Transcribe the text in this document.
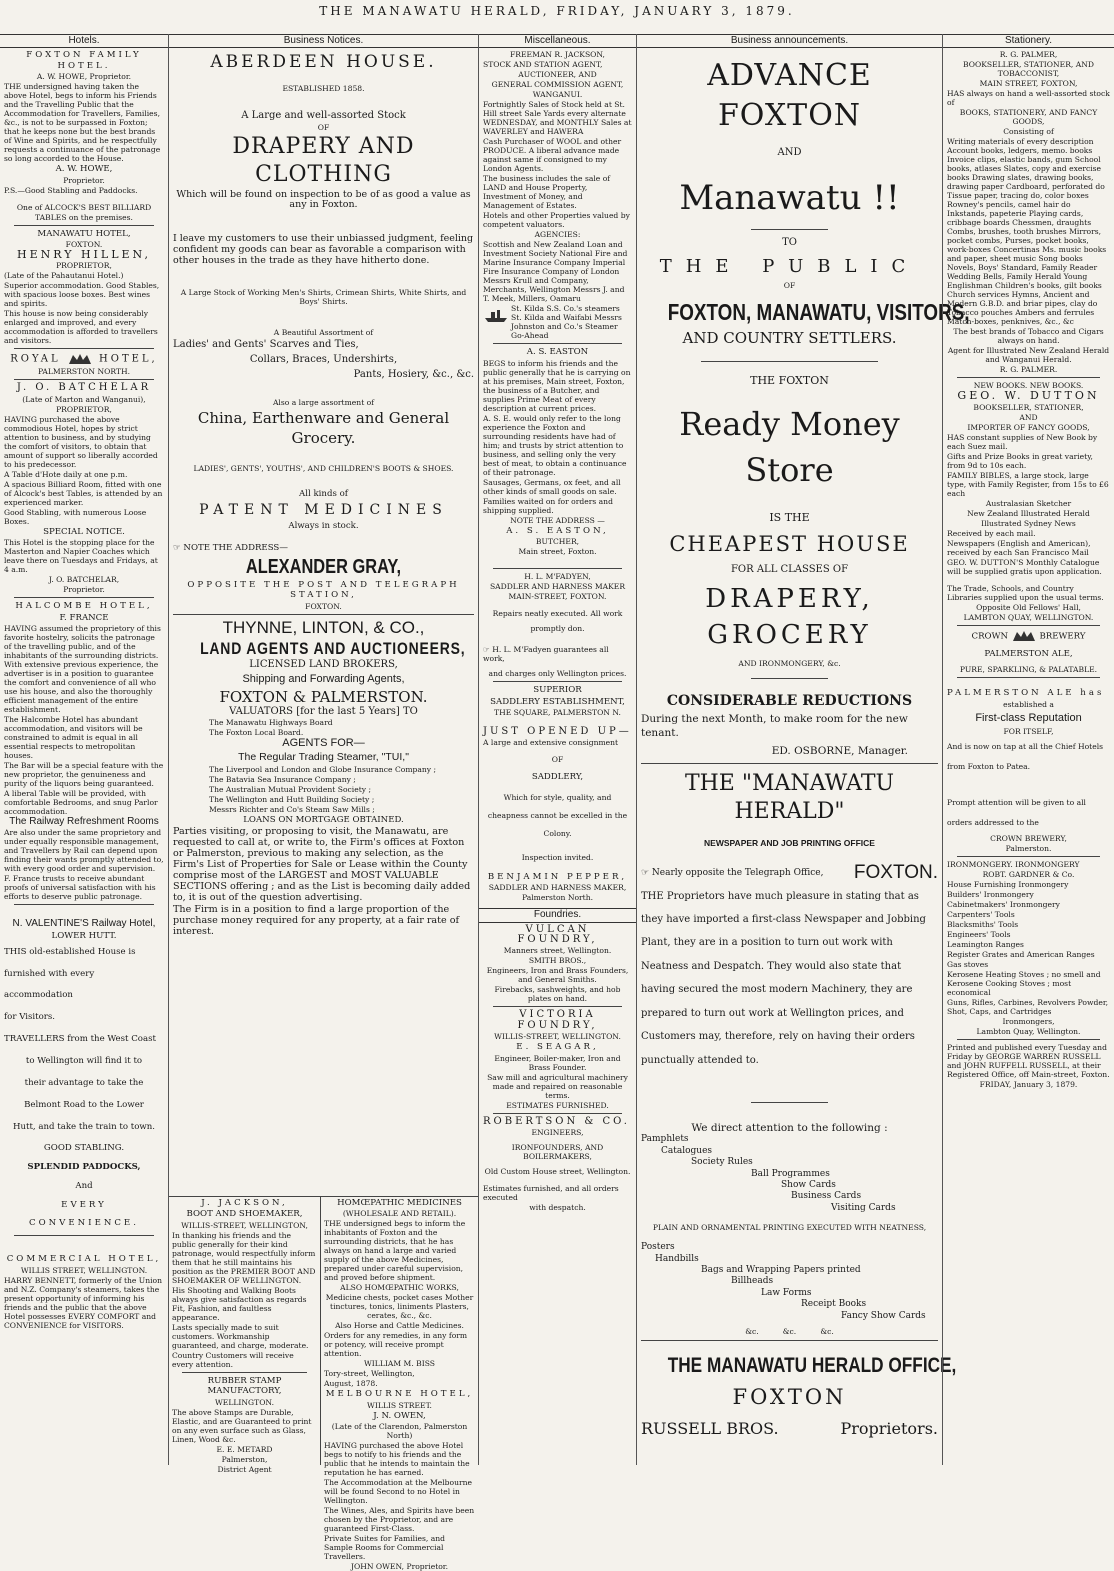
THE MANAWATU HERALD, FRIDAY, JANUARY 3, 1879.
Hotels.

FOXTON FAMILY HOTEL.

A. W. HOWE, Proprietor.

THE undersigned having taken the above Hotel, begs to inform his Friends and the Travelling Public that the Accommodation for Travellers, Families, &c., is not to be surpassed in Foxton; that he keeps none but the best brands of Wine and Spirits, and he respectfully requests a continuance of the patronage so long accorded to the House.

A. W. HOWE,

Proprietor.

P.S.—Good Stabling and Paddocks.

One of ALCOCK'S BEST BILLIARD

TABLES on the premises.

MANAWATU HOTEL,

FOXTON.

HENRY HILLEN,

PROPRIETOR,

(Late of the Pahautanui Hotel.)

Superior accommodation. Good Stables, with spacious loose boxes. Best wines and spirits.

This house is now being considerably enlarged and improved, and every accommodation is afforded to travellers and visitors.

ROYAL	HOTEL,

PALMERSTON NORTH.

J. O. BATCHELAR

(Late of Marton and Wanganui),

PROPRIETOR,

HAVING purchased the above commodious Hotel, hopes by strict attention to business, and by studying the comfort of visitors, to obtain that amount of support so liberally accorded to his predecessor.

A Table d'Hote daily at one p.m.

A spacious Billiard Room, fitted with one of Alcock's best Tables, is attended by an experienced marker.

Good Stabling, with numerous Loose Boxes.

SPECIAL NOTICE.

This Hotel is the stopping place for the Masterton and Napier Coaches which leave there on Tuesdays and Fridays, at 4 a.m.

J. O. BATCHELAR,

Proprietor.

HALCOMBE HOTEL,

F. FRANCE

HAVING assumed the proprietory of this favorite hostelry, solicits the patronage of the travelling public, and of the inhabitants of the surrounding districts. With extensive previous experience, the advertiser is in a position to guarantee the comfort and convenience of all who use his house, and also the thoroughly efficient management of the entire establishment.

The Halcombe Hotel has abundant accommodation, and visitors will be constrained to admit is equal in all essential respects to metropolitan houses.

The Bar will be a special feature with the new proprietor, the genuineness and purity of the liquors being guaranteed.

A liberal Table will be provided, with comfortable Bedrooms, and snug Parlor accommodation.

The Railway Refreshment Rooms

Are also under the same proprietory and under equally responsible management, and Travellers by Rail can depend upon finding their wants promptly attended to, with every good order and supervision.

F. France trusts to receive abundant proofs of universal satisfaction with his efforts to deserve public patronage.

N. VALENTINE'S Railway Hotel,

LOWER HUTT.

THIS old-established House is

furnished with every accommodation

for Visitors.

TRAVELLERS from the West Coast

to Wellington will find it to

their advantage to take the

Belmont Road to the Lower

Hutt, and take the train to town.

GOOD STABLING.

SPLENDID PADDOCKS,

And

EVERY CONVENIENCE.

COMMERCIAL HOTEL,

WILLIS STREET, WELLINGTON.

HARRY BENNETT, formerly of the Union and N.Z. Company's steamers, takes the present opportunity of informing his friends and the public that the above Hotel possesses EVERY COMFORT and CONVENIENCE for VISITORS.

Business Notices.

ABERDEEN HOUSE.

ESTABLISHED 1858.

A Large and well-assorted Stock

OF

DRAPERY AND CLOTHING

Which will be found on inspection to be of as good a value as any in Foxton.

I leave my customers to use their unbiassed judgment, feeling confident my goods can bear as favorable a comparison with other houses in the trade as they have hitherto done.

A Large Stock of Working Men's Shirts, Crimean Shirts, White Shirts, and Boys' Shirts.

A Beautiful Assortment of

Ladies' and Gents' Scarves and Ties,

Collars, Braces, Undershirts,

Pants, Hosiery, &c., &c.

Also a large assortment of

China, Earthenware and General Grocery.

LADIES', GENTS', YOUTHS', AND CHILDREN'S BOOTS & SHOES.

All kinds of

PATENT MEDICINES

Always in stock.

☞ NOTE THE ADDRESS—

ALEXANDER GRAY,

OPPOSITE THE POST AND TELEGRAPH STATION,

FOXTON.

THYNNE, LINTON, & CO.,

LAND AGENTS AND AUCTIONEERS,

LICENSED LAND BROKERS,

Shipping and Forwarding Agents,

FOXTON & PALMERSTON.

VALUATORS [for the last 5 Years] TO

The Manawatu Highways Board

The Foxton Local Board.

AGENTS FOR—

The Regular Trading Steamer, "TUI,"

The Liverpool and London and Globe Insurance Company ;

The Batavia Sea Insurance Company ;

The Australian Mutual Provident Society ;

The Wellington and Hutt Building Society ;

Messrs Richter and Co's Steam Saw Mills ;

LOANS ON MORTGAGE OBTAINED.

Parties visiting, or proposing to visit, the Manawatu, are requested to call at, or write to, the Firm's offices at Foxton or Palmerston, previous to making any selection, as the Firm's List of Properties for Sale or Lease within the County comprise most of the LARGEST and MOST VALUABLE SECTIONS offering ; and as the List is becoming daily added to, it is out of the question advertising.

The Firm is in a position to find a large proportion of the purchase money required for any property, at a fair rate of interest.

J. JACKSON,

BOOT AND SHOEMAKER,

WILLIS-STREET, WELLINGTON,

In thanking his friends and the public generally for their kind patronage, would respectfully inform them that he still maintains his position as the PREMIER BOOT AND SHOEMAKER OF WELLINGTON.

His Shooting and Walking Boots always give satisfaction as regards Fit, Fashion, and faultless appearance.

Lasts specially made to suit customers. Workmanship guaranteed, and charge, moderate.

Country Customers will receive every attention.

RUBBER STAMP MANUFACTORY,

WELLINGTON.

The above Stamps are Durable, Elastic, and are Guaranteed to print on any even surface such as Glass, Linen, Wood &c.

E. E. METARD

Palmerston,

District Agent

HOMŒPATHIC MEDICINES

(WHOLESALE AND RETAIL).

THE undersigned begs to inform the inhabitants of Foxton and the surrounding districts, that he has always on hand a large and varied supply of the above Medicines, prepared under careful supervision, and proved before shipment.

ALSO HOMŒPATHIC WORKS,

Medicine chests, pocket cases Mother tinctures, tonics, liniments Plasters, cerates, &c., &c.

Also Horse and Cattle Medicines.

Orders for any remedies, in any form or potency, will receive prompt attention.

WILLIAM M. BISS

Tory-street, Wellington,

August, 1878.

MELBOURNE HOTEL,

WILLIS STREET.

J. N. OWEN,

(Late of the Clarendon, Palmerston North)

HAVING purchased the above Hotel begs to notify to his friends and the public that he intends to maintain the reputation he has earned.

The Accommodation at the Melbourne will be found Second to no Hotel in Wellington.

The Wines, Ales, and Spirits have been chosen by the Proprietor, and are guaranteed First-Class.

Private Suites for Families, and Sample Rooms for Commercial Travellers.

JOHN OWEN, Proprietor.

Miscellaneous.

FREEMAN R. JACKSON,

STOCK AND STATION AGENT,

AUCTIONEER, AND

GENERAL COMMISSION AGENT,

WANGANUI.

Fortnightly Sales of Stock held at St. Hill street Sale Yards every alternate WEDNESDAY, and MONTHLY Sales at WAVERLEY and HAWERA

Cash Purchaser of WOOL and other PRODUCE. A liberal advance made against same if consigned to my London Agents.

The business includes the sale of LAND and House Property, Investment of Money, and Management of Estates.

Hotels and other Properties valued by competent valuators.

AGENCIES:

Scottish and New Zealand Loan and Investment Society National Fire and Marine Insurance Company Imperial Fire Insurance Company of London Messrs Krull and Company, Merchants, Wellington Messrs J. and T. Meek, Millers, Oamaru

St. Kilda S.S. Co.'s steamers St. Kilda and Waifabi Messrs Johnston and Co.'s Steamer Go-Ahead

A. S. EASTON

BEGS to inform his friends and the public generally that he is carrying on at his premises, Main street, Foxton, the business of a Butcher, and supplies Prime Meat of every description at current prices.

A. S. E. would only refer to the long experience the Foxton and surrounding residents have had of him; and trusts by strict attention to business, and selling only the very best of meat, to obtain a continuance of their patronage.

Sausages, Germans, ox feet, and all other kinds of small goods on sale.

Families waited on for orders and shipping supplied.

NOTE THE ADDRESS —

A. S. EASTON,

BUTCHER,

Main street, Foxton.

H. L. M'FADYEN,

SADDLER AND HARNESS MAKER

MAIN-STREET, FOXTON.

Repairs neatly executed. All work

promptly don.

☞ H. L. M'Fadyen guarantees all work,

and charges only Wellington prices.

SUPERIOR

SADDLERY ESTABLISHMENT,

THE SQUARE, PALMERSTON N.

JUST OPENED UP—

A large and extensive consignment

OF

SADDLERY,

Which for style, quality, and cheapness cannot be excelled in the Colony.

Inspection invited.

BENJAMIN PEPPER,

SADDLER AND HARNESS MAKER,

Palmerston North.

Foundries.

VULCAN FOUNDRY,

Manners street, Wellington.

SMITH BROS.,

Engineers, Iron and Brass Founders, and General Smiths.

Firebacks, sashweights, and hob plates on hand.

VICTORIA FOUNDRY,

WILLIS-STREET, WELLINGTON.

E. SEAGAR,

Engineer, Boiler-maker, Iron and Brass Founder.

Saw mill and agricultural machinery made and repaired on reasonable terms.

ESTIMATES FURNISHED.

ROBERTSON & CO.

ENGINEERS,

IRONFOUNDERS, AND BOILERMAKERS,

Old Custom House street, Wellington.

Estimates furnished, and all orders executed

with despatch.

Business announcements.

ADVANCE FOXTON

AND

Manawatu !!

TO

THE PUBLIC

OF

FOXTON, MANAWATU, VISITORS,

AND COUNTRY SETTLERS.

THE FOXTON

Ready Money Store

IS THE

CHEAPEST HOUSE

FOR ALL CLASSES OF

DRAPERY, GROCERY

AND IRONMONGERY, &c.

CONSIDERABLE REDUCTIONS

During the next Month, to make room for the new tenant.

ED. OSBORNE, Manager.

THE "MANAWATU HERALD"

NEWSPAPER AND JOB PRINTING OFFICE

☞ Nearly opposite the Telegraph Office, FOXTON.

THE Proprietors have much pleasure in stating that as they have imported a first-class Newspaper and Jobbing Plant, they are in a position to turn out work with Neatness and Despatch. They would also state that having secured the most modern Machinery, they are prepared to turn out work at Wellington prices, and Customers may, therefore, rely on having their orders punctually attended to.

We direct attention to the following :

Pamphlets

Catalogues

Society Rules

Ball Programmes

Show Cards

Business Cards

Visiting Cards

PLAIN AND ORNAMENTAL PRINTING EXECUTED WITH NEATNESS,

Posters

Handbills

Bags and Wrapping Papers printed

Billheads

Law Forms

Receipt Books

Fancy Show Cards

&c.          &c.          &c.

THE MANAWATU HERALD OFFICE,

FOXTON

RUSSELL BROS.	Proprietors.

Stationery.

R. G. PALMER,

BOOKSELLER, STATIONER, AND TOBACCONIST,

MAIN STREET, FOXTON,

HAS always on hand a well-assorted stock of

BOOKS, STATIONERY, AND FANCY GOODS,

Consisting of

Writing materials of every description Account books, ledgers, memo. books Invoice clips, elastic bands, gum School books, atlases Slates, copy and exercise books Drawing slates, drawing books, drawing paper Cardboard, perforated do Tissue paper, tracing do, color boxes Rowney's pencils, camel hair do Inkstands, papeterie Playing cards, cribbage boards Chessmen, draughts Combs, brushes, tooth brushes Mirrors, pocket combs, Purses, pocket books, work-boxes Concertinas Ms. music books and paper, sheet music Song books Novels, Boys' Standard, Family Reader Wedding Bells, Family Herald Young Englishman Children's books, gilt books Church services Hymns, Ancient and Modern G.B.D. and briar pipes, clay do Tobacco pouches Ambers and ferrules Match-boxes, penknives, &c., &c

The best brands of Tobacco and Cigars always on hand.

Agent for Illustrated New Zealand Herald and Wanganui Herald.

R. G. PALMER.

NEW BOOKS. NEW BOOKS.

GEO. W. DUTTON

BOOKSELLER, STATIONER,

AND

IMPORTER OF FANCY GOODS,

HAS constant supplies of New Book by each Suez mail.

Gifts and Prize Books in great variety, from 9d to 10s each.

FAMILY BIBLES, a large stock, large type, with Family Register, from 15s to £6 each

Australasian Sketcher

New Zealand Illustrated Herald

Illustrated Sydney News

Received by each mail.

Newspapers (English and American), received by each San Francisco Mail

GEO. W. DUTTON'S Monthly Catalogue will be supplied gratis upon application.

The Trade, Schools, and Country Libraries supplied upon the usual terms.

Opposite Old Fellows' Hall,

LAMBTON QUAY, WELLINGTON.

CROWN	BREWERY

PALMERSTON ALE,

PURE, SPARKLING, & PALATABLE.

PALMERSTON ALE has

established a

First-class Reputation

FOR ITSELF,

And is now on tap at all the Chief Hotels from Foxton to Patea.

Prompt attention will be given to all orders addressed to the

CROWN BREWERY,

Palmerston.

IRONMONGERY. IRONMONGERY

ROBT. GARDNER & Co.

House Furnishing Ironmongery

Builders' Ironmongery

Cabinetmakers' Ironmongery

Carpenters' Tools

Blacksmiths' Tools

Engineers' Tools

Leamington Ranges

Register Grates and American Ranges

Gas stoves

Kerosene Heating Stoves ; no smell and Kerosene Cooking Stoves ; most economical

Guns, Rifles, Carbines, Revolvers Powder, Shot, Caps, and Cartridges

Ironmongers,

Lambton Quay, Wellington.

Printed and published every Tuesday and Friday by GEORGE WARREN RUSSELL and JOHN RUFFELL RUSSELL, at their Registered Office, off Main-street, Foxton.

FRIDAY, January 3, 1879.
